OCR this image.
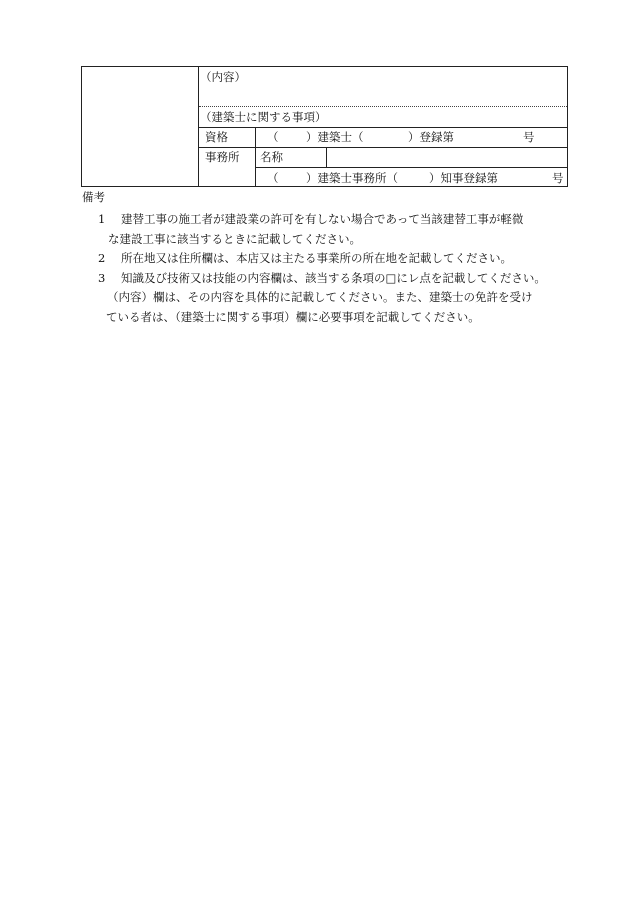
（内容）
（建築士に関する事項）
資格	（ ）建築士（	）登録第	号
事務所 名称
（ ）建築士事務所（	）知事登録第	号
備考
1 建替工事の施工者が建設業の許可を有しない場合であって当該建替工事が軽微
な建設工事に該当するときに記載してください。
2 所在地又は住所欄は、本店又は主たる事業所の所在地を記載してください。
3 知識及び技術又は技能の内容欄は、該当する条項の□にレ点を記載してください。
（内容）欄は、その内容を具体的に記載してください。また、建築士の免許を受け
ている者は、（建築士に関する事項）欄に必要事項を記載してください。
